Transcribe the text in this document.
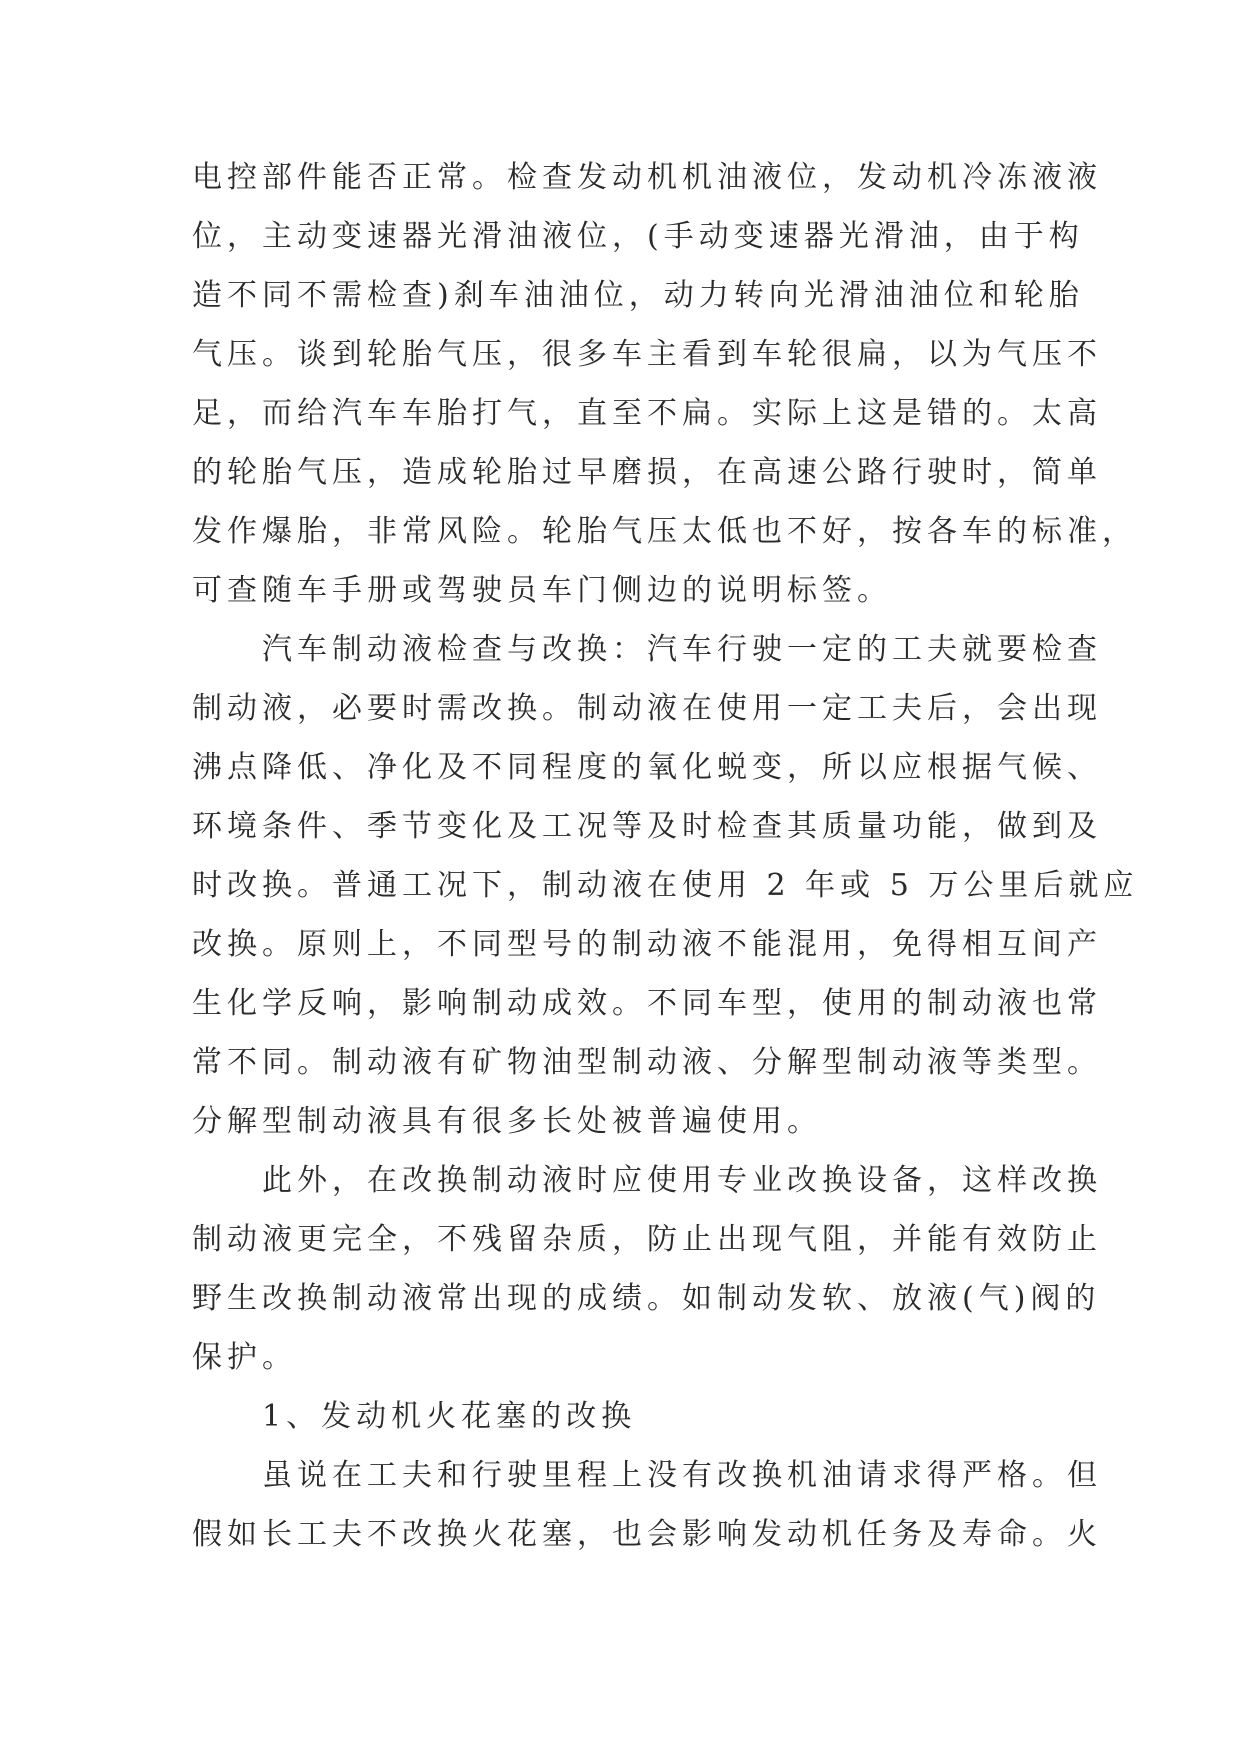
电控部件能否正常。检查发动机机油液位，发动机冷冻液液

位，主动变速器光滑油液位，(手动变速器光滑油，由于构

造不同不需检查)刹车油油位，动力转向光滑油油位和轮胎

气压。谈到轮胎气压，很多车主看到车轮很扁，以为气压不

足，而给汽车车胎打气，直至不扁。实际上这是错的。太高

的轮胎气压，造成轮胎过早磨损，在高速公路行驶时，简单

发作爆胎，非常风险。轮胎气压太低也不好，按各车的标准，

可查随车手册或驾驶员车门侧边的说明标签。

汽车制动液检查与改换：汽车行驶一定的工夫就要检查

制动液，必要时需改换。制动液在使用一定工夫后，会出现

沸点降低、净化及不同程度的氧化蜕变，所以应根据气候、

环境条件、季节变化及工况等及时检查其质量功能，做到及

时改换。普通工况下，制动液在使用 2 年或 5 万公里后就应

改换。原则上，不同型号的制动液不能混用，免得相互间产

生化学反响，影响制动成效。不同车型，使用的制动液也常

常不同。制动液有矿物油型制动液、分解型制动液等类型。

分解型制动液具有很多长处被普遍使用。

此外，在改换制动液时应使用专业改换设备，这样改换

制动液更完全，不残留杂质，防止出现气阻，并能有效防止

野生改换制动液常出现的成绩。如制动发软、放液(气)阀的

保护。

1、发动机火花塞的改换

虽说在工夫和行驶里程上没有改换机油请求得严格。但

假如长工夫不改换火花塞，也会影响发动机任务及寿命。火
